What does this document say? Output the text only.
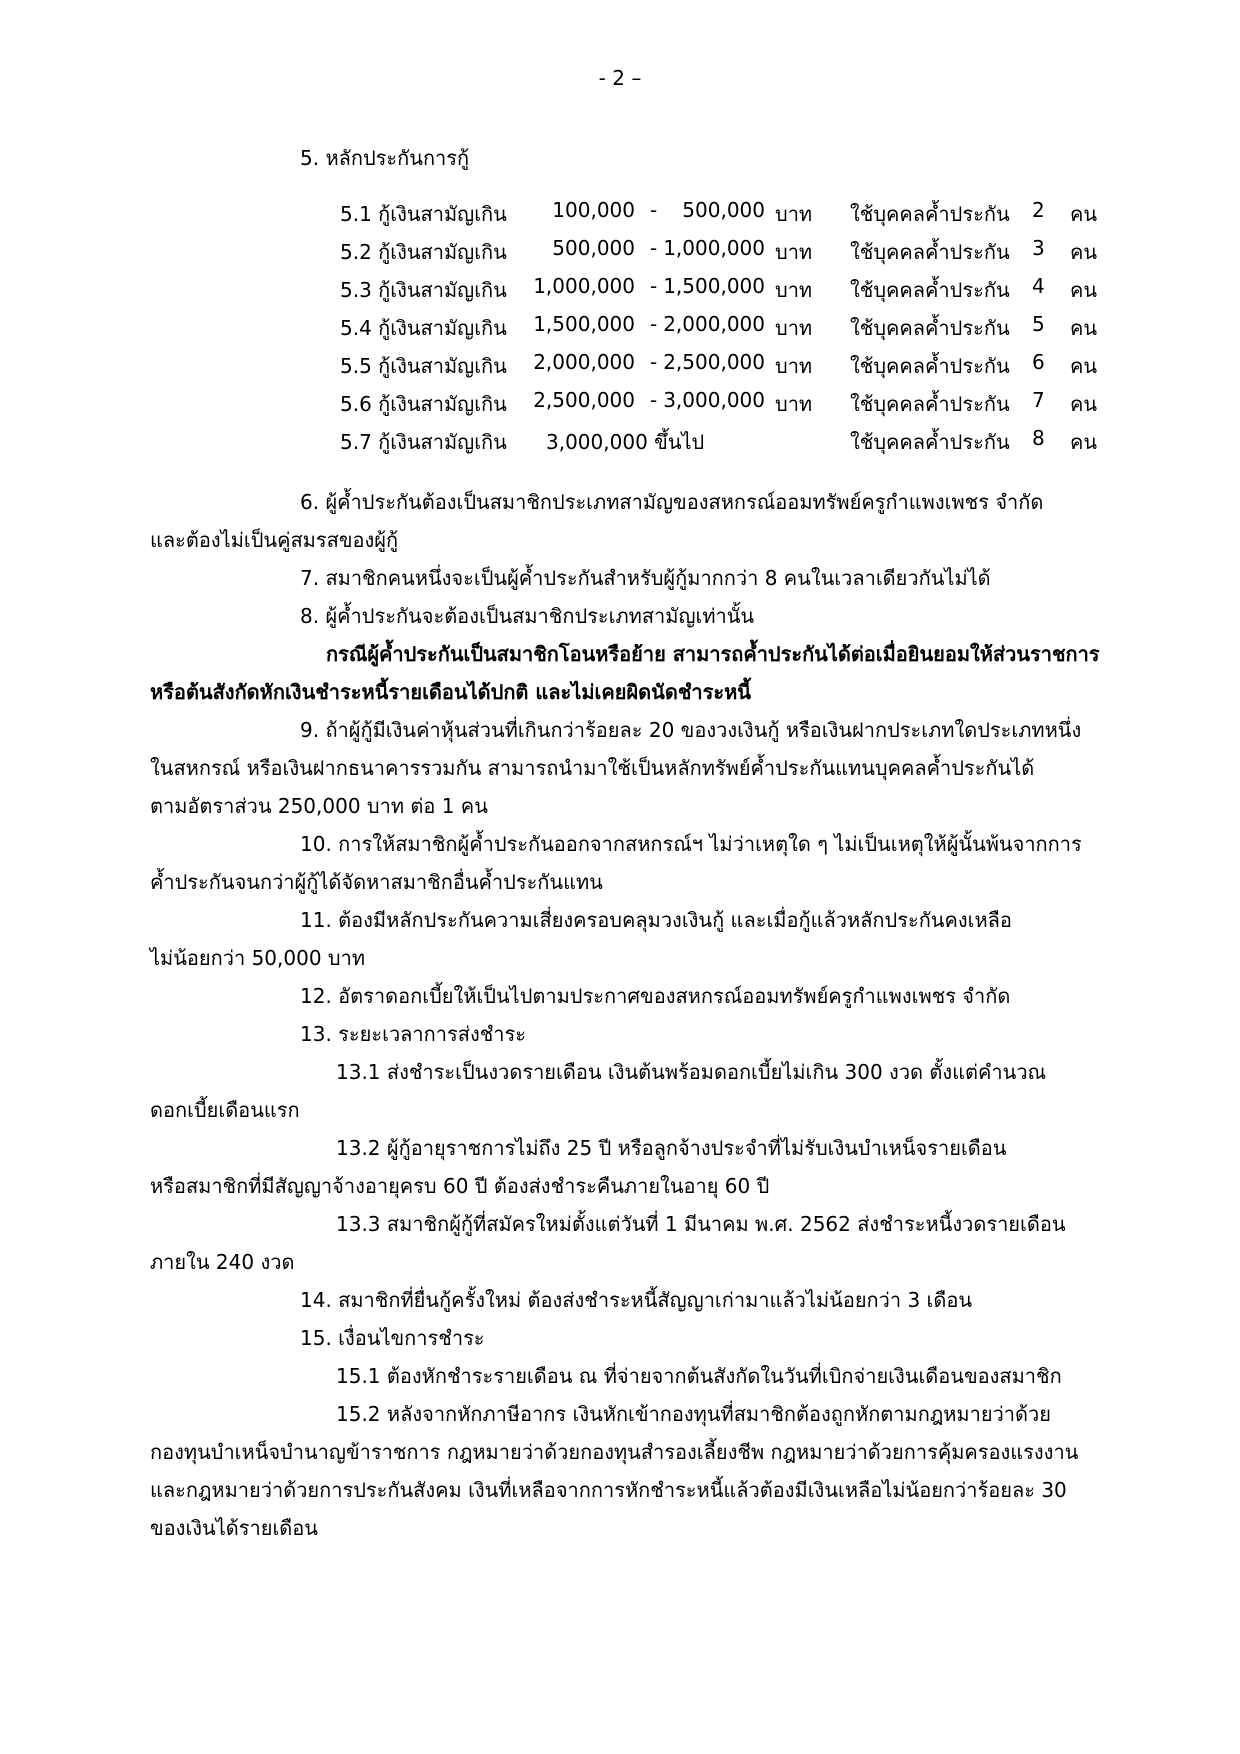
- 2 –
5. หลักประกันการกู้
5.1 กู้เงินสามัญเกิน	100,000 -	500,000 บาท ใช้บุคคลค้ำประกัน 2 คน
5.2 กู้เงินสามัญเกิน	500,000 - 1,000,000 บาท ใช้บุคคลค้ำประกัน 3 คน
5.3 กู้เงินสามัญเกิน	1,000,000 - 1,500,000 บาท ใช้บุคคลค้ำประกัน 4 คน
5.4 กู้เงินสามัญเกิน	1,500,000 - 2,000,000 บาท ใช้บุคคลค้ำประกัน 5 คน
5.5 กู้เงินสามัญเกิน	2,000,000 - 2,500,000 บาท ใช้บุคคลค้ำประกัน 6 คน
5.6 กู้เงินสามัญเกิน	2,500,000 - 3,000,000 บาท ใช้บุคคลค้ำประกัน 7 คน
5.7 กู้เงินสามัญเกิน 3,000,000 ขึ้นไป	ใช้บุคคลค้ำประกัน 8 คน
6. ผู้ค้ำประกันต้องเป็นสมาชิกประเภทสามัญของสหกรณ์ออมทรัพย์ครูกำแพงเพชร จำกัด
และต้องไม่เป็นคู่สมรสของผู้กู้
7. สมาชิกคนหนึ่งจะเป็นผู้ค้ำประกันสำหรับผู้กู้มากกว่า 8 คนในเวลาเดียวกันไม่ได้
8. ผู้ค้ำประกันจะต้องเป็นสมาชิกประเภทสามัญเท่านั้น
กรณีผู้ค้ำประกันเป็นสมาชิกโอนหรือย้าย สามารถค้ำประกันได้ต่อเมื่อยินยอมให้ส่วนราชการ
หรือต้นสังกัดหักเงินชำระหนี้รายเดือนได้ปกติ และไม่เคยผิดนัดชำระหนี้
9. ถ้าผู้กู้มีเงินค่าหุ้นส่วนที่เกินกว่าร้อยละ 20 ของวงเงินกู้ หรือเงินฝากประเภทใดประเภทหนึ่ง
ในสหกรณ์ หรือเงินฝากธนาคารรวมกัน สามารถนำมาใช้เป็นหลักทรัพย์ค้ำประกันแทนบุคคลค้ำประกันได้
ตามอัตราส่วน 250,000 บาท ต่อ 1 คน
10. การให้สมาชิกผู้ค้ำประกันออกจากสหกรณ์ฯ ไม่ว่าเหตุใด ๆ ไม่เป็นเหตุให้ผู้นั้นพ้นจากการ
ค้ำประกันจนกว่าผู้กู้ได้จัดหาสมาชิกอื่นค้ำประกันแทน
11. ต้องมีหลักประกันความเสี่ยงครอบคลุมวงเงินกู้ และเมื่อกู้แล้วหลักประกันคงเหลือ
ไม่น้อยกว่า 50,000 บาท
12. อัตราดอกเบี้ยให้เป็นไปตามประกาศของสหกรณ์ออมทรัพย์ครูกำแพงเพชร จำกัด
13. ระยะเวลาการส่งชำระ
13.1 ส่งชำระเป็นงวดรายเดือน เงินต้นพร้อมดอกเบี้ยไม่เกิน 300 งวด ตั้งแต่คำนวณ
ดอกเบี้ยเดือนแรก
13.2 ผู้กู้อายุราชการไม่ถึง 25 ปี หรือลูกจ้างประจำที่ไม่รับเงินบำเหน็จรายเดือน
หรือสมาชิกที่มีสัญญาจ้างอายุครบ 60 ปี ต้องส่งชำระคืนภายในอายุ 60 ปี
13.3 สมาชิกผู้กู้ที่สมัครใหม่ตั้งแต่วันที่ 1 มีนาคม พ.ศ. 2562 ส่งชำระหนี้งวดรายเดือน
ภายใน 240 งวด
14. สมาชิกที่ยื่นกู้ครั้งใหม่ ต้องส่งชำระหนี้สัญญาเก่ามาแล้วไม่น้อยกว่า 3 เดือน
15. เงื่อนไขการชำระ
15.1 ต้องหักชำระรายเดือน ณ ที่จ่ายจากต้นสังกัดในวันที่เบิกจ่ายเงินเดือนของสมาชิก
15.2 หลังจากหักภาษีอากร เงินหักเข้ากองทุนที่สมาชิกต้องถูกหักตามกฎหมายว่าด้วย
กองทุนบำเหน็จบำนาญข้าราชการ กฎหมายว่าด้วยกองทุนสำรองเลี้ยงชีพ กฎหมายว่าด้วยการคุ้มครองแรงงาน
และกฎหมายว่าด้วยการประกันสังคม เงินที่เหลือจากการหักชำระหนี้แล้วต้องมีเงินเหลือไม่น้อยกว่าร้อยละ 30
ของเงินได้รายเดือน
